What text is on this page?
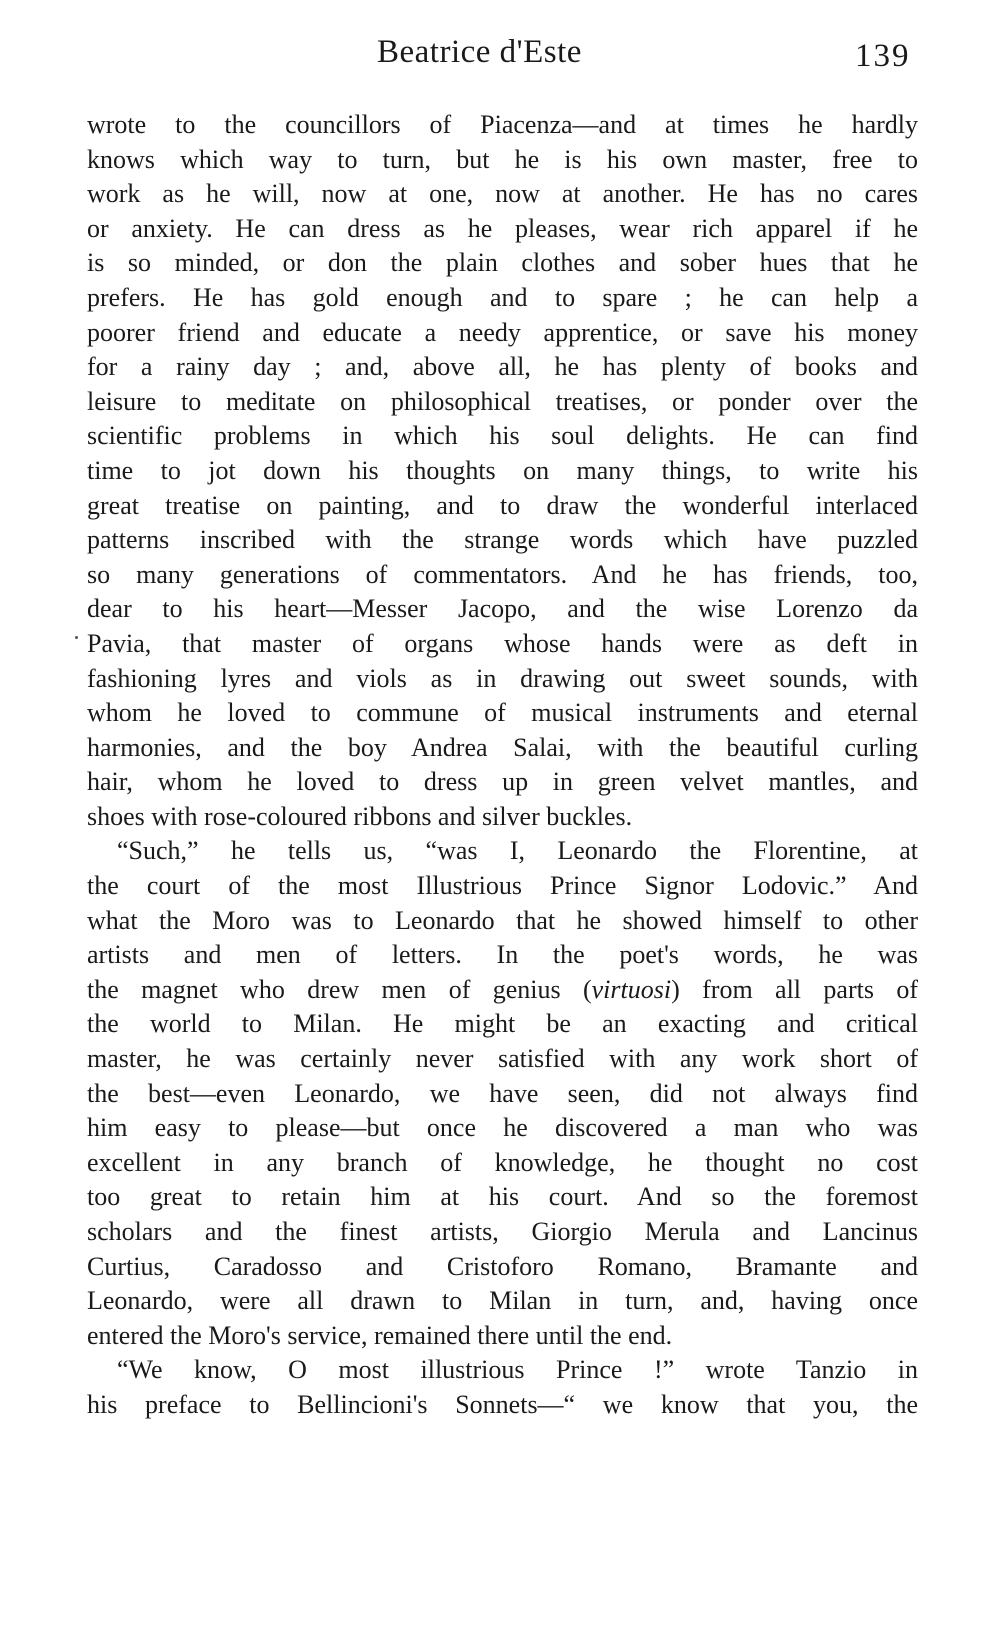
Beatrice d'Este	139
wrote to the councillors of Piacenza—and at times he hardly
knows which way to turn, but he is his own master, free to
work as he will, now at one, now at another. He has no cares
or anxiety. He can dress as he pleases, wear rich apparel if he
is so minded, or don the plain clothes and sober hues that he
prefers. He has gold enough and to spare ; he can help a
poorer friend and educate a needy apprentice, or save his money
for a rainy day ; and, above all, he has plenty of books and
leisure to meditate on philosophical treatises, or ponder over the
scientific problems in which his soul delights. He can find
time to jot down his thoughts on many things, to write his
great treatise on painting, and to draw the wonderful interlaced
patterns inscribed with the strange words which have puzzled
so many generations of commentators. And he has friends, too,
dear to his heart—Messer Jacopo, and the wise Lorenzo da
Pavia, that master of organs whose hands were as deft in
fashioning lyres and viols as in drawing out sweet sounds, with
whom he loved to commune of musical instruments and eternal
harmonies, and the boy Andrea Salai, with the beautiful curling
hair, whom he loved to dress up in green velvet mantles, and
shoes with rose-coloured ribbons and silver buckles.
“Such,” he tells us, “was I, Leonardo the Florentine, at
the court of the most Illustrious Prince Signor Lodovic.” And
what the Moro was to Leonardo that he showed himself to other
artists and men of letters. In the poet's words, he was
the magnet who drew men of genius (virtuosi) from all parts of
the world to Milan. He might be an exacting and critical
master, he was certainly never satisfied with any work short of
the best—even Leonardo, we have seen, did not always find
him easy to please—but once he discovered a man who was
excellent in any branch of knowledge, he thought no cost
too great to retain him at his court. And so the foremost
scholars and the finest artists, Giorgio Merula and Lancinus
Curtius, Caradosso and Cristoforo Romano, Bramante and
Leonardo, were all drawn to Milan in turn, and, having once
entered the Moro's service, remained there until the end.
“We know, O most illustrious Prince !” wrote Tanzio in
his preface to Bellincioni's Sonnets—“ we know that you, the
